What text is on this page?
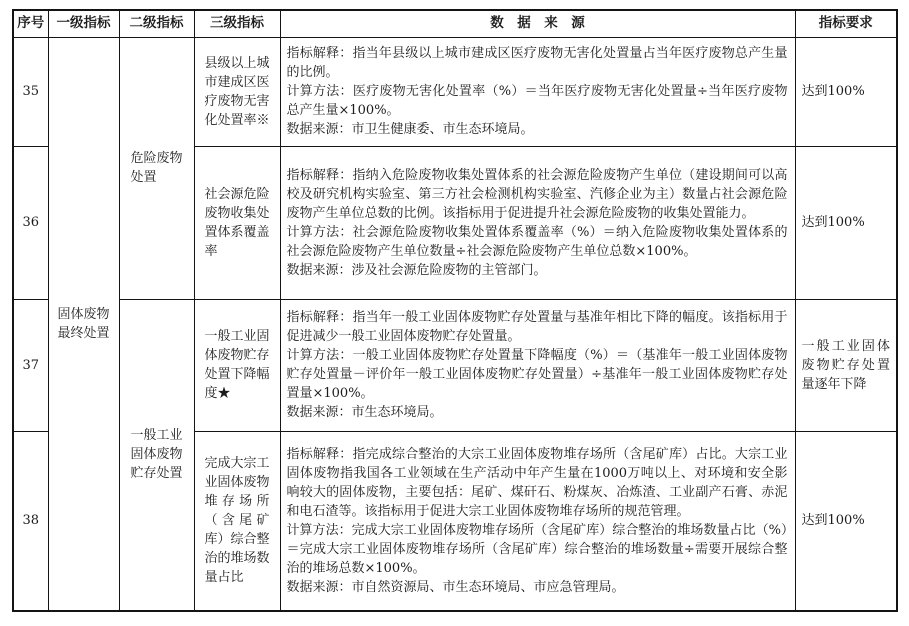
序号	一级指标	二级指标	三级指标	数　据　来　源	指标要求
35	固体废物最终处置	危险废物处置	县级以上城市建成区医疗废物无害化处置率※	指标解释：指当年县级以上城市建成区医疗废物无害化处置量占当年医疗废物总产生量的比例。

计算方法：医疗废物无害化处置率（%）＝当年医疗废物无害化处置量÷当年医疗废物总产生量×100%。

数据来源：市卫生健康委、市生态环境局。	达到100%
36			社会源危险废物收集处置体系覆盖率	指标解释：指纳入危险废物收集处置体系的社会源危险废物产生单位（建设期间可以高校及研究机构实验室、第三方社会检测机构实验室、汽修企业为主）数量占社会源危险废物产生单位总数的比例。该指标用于促进提升社会源危险废物的收集处置能力。

计算方法：社会源危险废物收集处置体系覆盖率（%）＝纳入危险废物收集处置体系的社会源危险废物产生单位数量÷社会源危险废物产生单位总数×100%。

数据来源：涉及社会源危险废物的主管部门。	达到100%
37		一般工业固体废物贮存处置	一般工业固体废物贮存处置下降幅度★	指标解释：指当年一般工业固体废物贮存处置量与基准年相比下降的幅度。该指标用于促进减少一般工业固体废物贮存处置量。

计算方法：一般工业固体废物贮存处置量下降幅度（%）＝（基准年一般工业固体废物贮存处置量－评价年一般工业固体废物贮存处置量）÷基准年一般工业固体废物贮存处置量×100%。

数据来源：市生态环境局。	一般工业固体废物贮存处置量逐年下降
38			完成大宗工业固体废物堆存场所（含尾矿库）综合整治的堆场数量占比	指标解释：指完成综合整治的大宗工业固体废物堆存场所（含尾矿库）占比。大宗工业固体废物指我国各工业领域在生产活动中年产生量在1000万吨以上、对环境和安全影响较大的固体废物，主要包括：尾矿、煤矸石、粉煤灰、冶炼渣、工业副产石膏、赤泥和电石渣等。该指标用于促进大宗工业固体废物堆存场所的规范管理。

计算方法：完成大宗工业固体废物堆存场所（含尾矿库）综合整治的堆场数量占比（%）＝完成大宗工业固体废物堆存场所（含尾矿库）综合整治的堆场数量÷需要开展综合整治的堆场总数×100%。

数据来源：市自然资源局、市生态环境局、市应急管理局。	达到100%
